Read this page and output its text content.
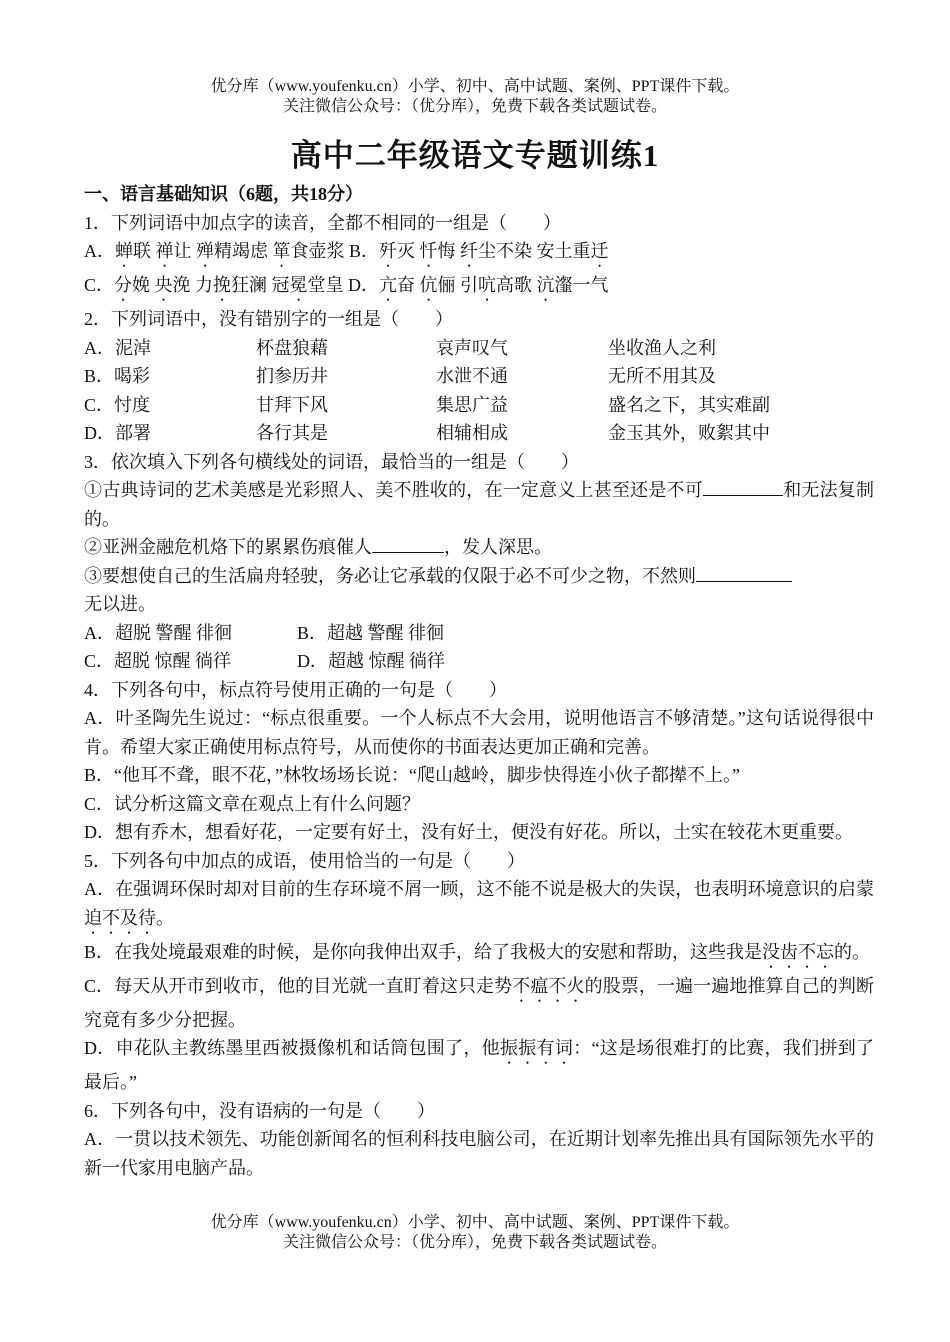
优分库（www.youfenku.cn）小学、初中、高中试题、案例、PPT课件下载。
关注微信公众号：（优分库），免费下载各类试题试卷。
高中二年级语文专题训练1
一、语言基础知识（6题，共18分）
1．下列词语中加点字的读音，全都不相同的一组是（　　）
A．蝉联 禅让 殚精竭虑 箪食壶浆 B．歼灭 忏悔 纤尘不染 安土重迁
C．分娩 央浼 力挽狂澜 冠冕堂皇 D．亢奋 伉俪 引吭高歌 沆瀣一气
2．下列词语中，没有错别字的一组是（　　）
A．泥淖	杯盘狼藉	哀声叹气	坐收渔人之利
B．喝彩	扪参历井	水泄不通	无所不用其及
C．忖度	甘拜下风	集思广益	盛名之下，其实难副
D．部署	各行其是	相辅相成	金玉其外，败絮其中
3．依次填入下列各句横线处的词语，最恰当的一组是（　　）
①古典诗词的艺术美感是光彩照人、美不胜收的，在一定意义上甚至还是不可	和无法复制的。
②亚洲金融危机烙下的累累伤痕催人	，发人深思。
③要想使自己的生活扁舟轻驶，务必让它承载的仅限于必不可少之物，不然则
无以进。
A．超脱 警醒 徘徊	B．超越 警醒 徘徊
C．超脱 惊醒 徜徉	D．超越 惊醒 徜徉
4．下列各句中，标点符号使用正确的一句是（　　）
A．叶圣陶先生说过：“标点很重要。一个人标点不大会用，说明他语言不够清楚。”这句话说得很中肯。希望大家正确使用标点符号，从而使你的书面表达更加正确和完善。
B．“他耳不聋，眼不花，”林牧场场长说：“爬山越岭，脚步快得连小伙子都撵不上。”
C．试分析这篇文章在观点上有什么问题？
D．想有乔木，想看好花，一定要有好土，没有好土，便没有好花。所以，土实在较花木更重要。
5．下列各句中加点的成语，使用恰当的一句是（　　）
A．在强调环保时却对目前的生存环境不屑一顾，这不能不说是极大的失误，也表明环境意识的启蒙迫不及待。
B．在我处境最艰难的时候，是你向我伸出双手，给了我极大的安慰和帮助，这些我是没齿不忘的。
C．每天从开市到收市，他的目光就一直盯着这只走势不瘟不火的股票，一遍一遍地推算自己的判断究竟有多少分把握。
D．申花队主教练墨里西被摄像机和话筒包围了，他振振有词：“这是场很难打的比赛，我们拼到了最后。”
6．下列各句中，没有语病的一句是（　　）
A．一贯以技术领先、功能创新闻名的恒利科技电脑公司，在近期计划率先推出具有国际领先水平的新一代家用电脑产品。
优分库（www.youfenku.cn）小学、初中、高中试题、案例、PPT课件下载。
关注微信公众号：（优分库），免费下载各类试题试卷。
